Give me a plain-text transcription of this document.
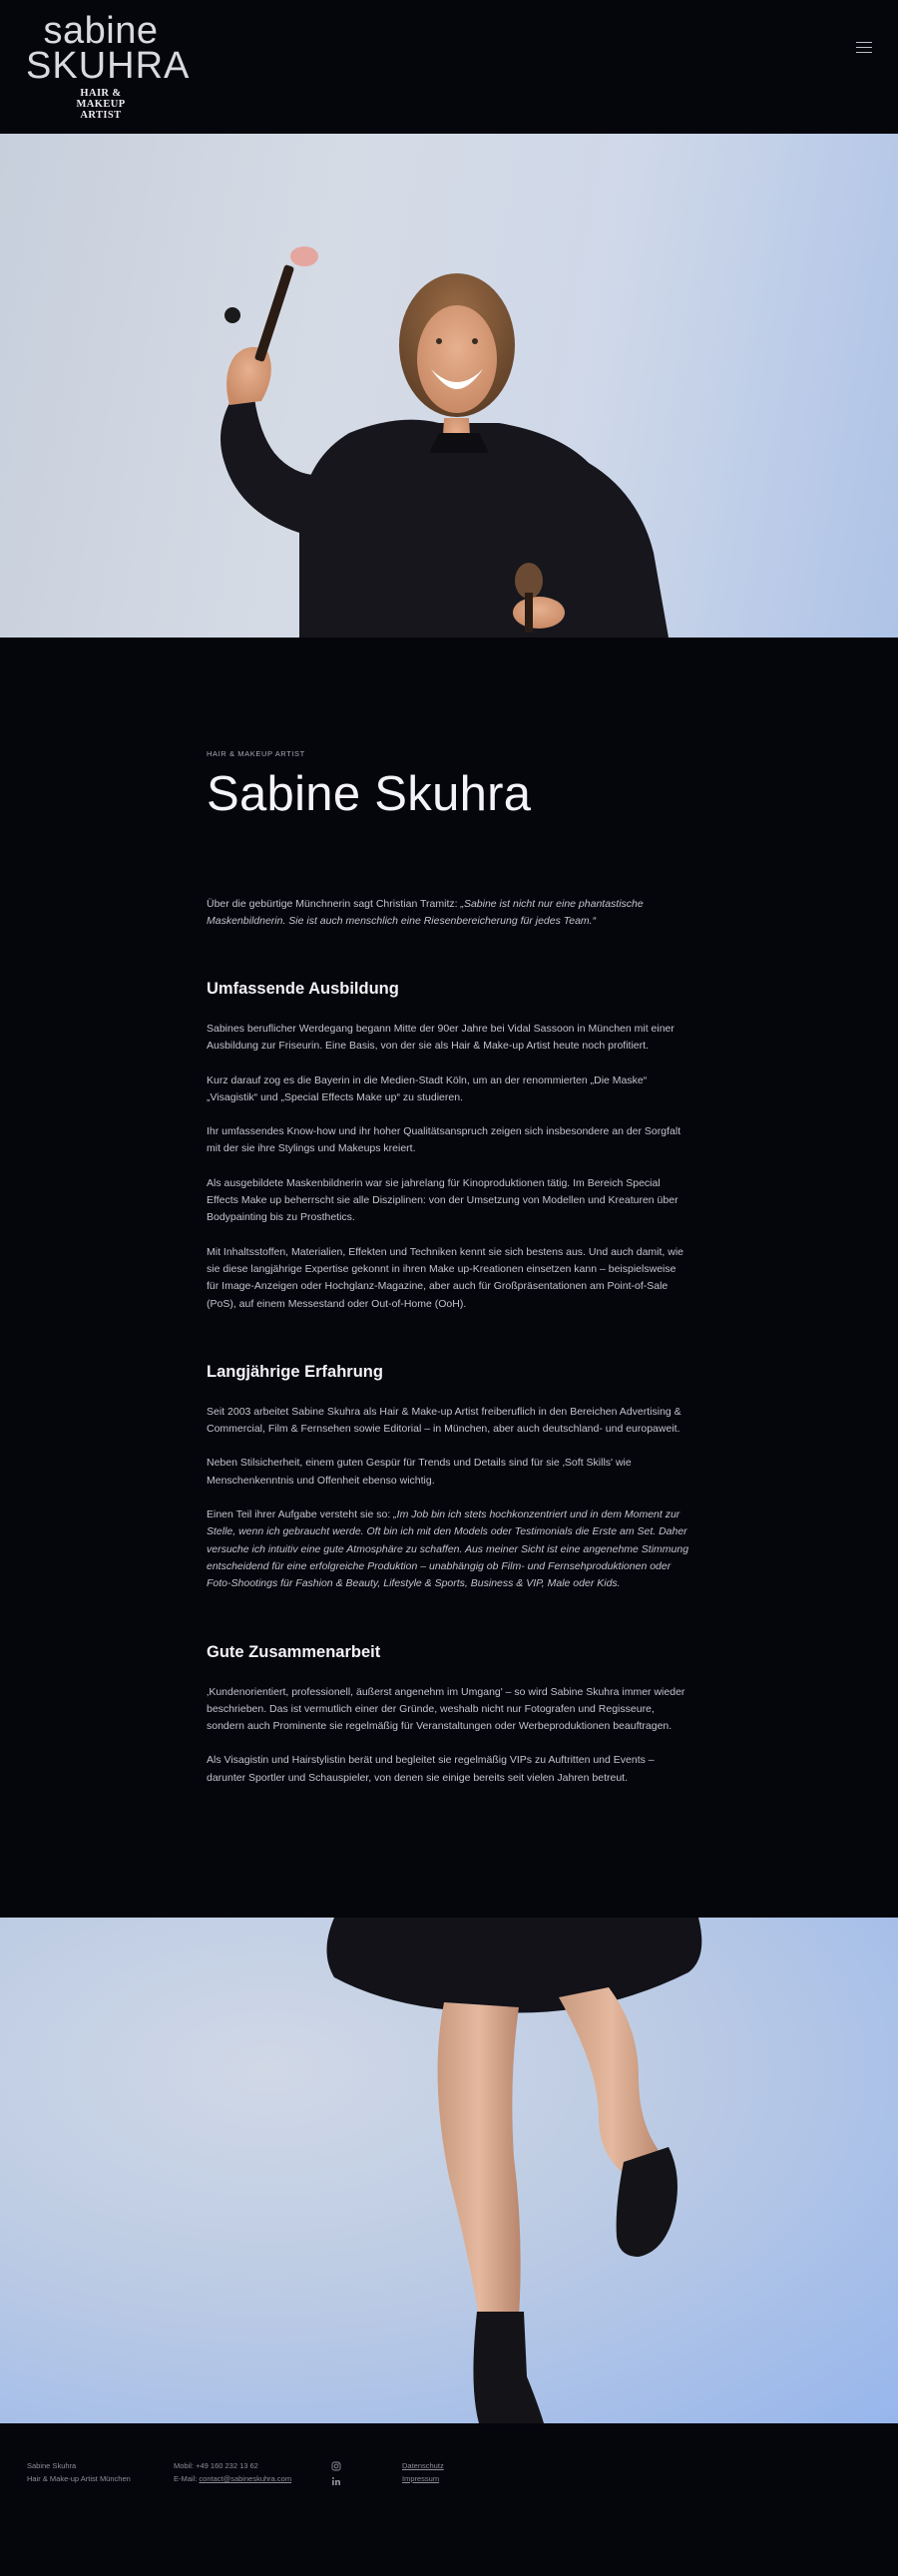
sabine
SKUHRA
HAIR &
MAKEUP
ARTIST
HAIR & MAKEUP ARTIST
Sabine Skuhra

Über die gebürtige Münchnerin sagt Christian Tramitz: „Sabine ist nicht nur eine phantastische Maskenbildnerin. Sie ist auch menschlich eine Riesenbereicherung für jedes Team.“

Umfassende Ausbildung

Sabines beruflicher Werdegang begann Mitte der 90er Jahre bei Vidal Sassoon in München mit einer Ausbildung zur Friseurin. Eine Basis, von der sie als Hair & Make-up Artist heute noch profitiert.

Kurz darauf zog es die Bayerin in die Medien-Stadt Köln, um an der renommierten „Die Maske“ „Visagistik“ und „Special Effects Make up“ zu studieren.

Ihr umfassendes Know-how und ihr hoher Qualitätsanspruch zeigen sich insbesondere an der Sorgfalt mit der sie ihre Stylings und Makeups kreiert.

Als ausgebildete Maskenbildnerin war sie jahrelang für Kinoproduktionen tätig. Im Bereich Special Effects Make up beherrscht sie alle Disziplinen: von der Umsetzung von Modellen und Kreaturen über Bodypainting bis zu Prosthetics.

Mit Inhaltsstoffen, Materialien, Effekten und Techniken kennt sie sich bestens aus. Und auch damit, wie sie diese langjährige Expertise gekonnt in ihren Make up-Kreationen einsetzen kann – beispielsweise für Image-Anzeigen oder Hochglanz-Magazine, aber auch für Großpräsentationen am Point-of-Sale (PoS), auf einem Messestand oder Out-of-Home (OoH).

Langjährige Erfahrung

Seit 2003 arbeitet Sabine Skuhra als Hair & Make-up Artist freiberuflich in den Bereichen Advertising & Commercial, Film & Fernsehen sowie Editorial – in München, aber auch deutschland- und europaweit.

Neben Stilsicherheit, einem guten Gespür für Trends und Details sind für sie ‚Soft Skills' wie Menschenkenntnis und Offenheit ebenso wichtig.

Einen Teil ihrer Aufgabe versteht sie so: „Im Job bin ich stets hochkonzentriert und in dem Moment zur Stelle, wenn ich gebraucht werde. Oft bin ich mit den Models oder Testimonials die Erste am Set. Daher versuche ich intuitiv eine gute Atmosphäre zu schaffen. Aus meiner Sicht ist eine angenehme Stimmung entscheidend für eine erfolgreiche Produktion – unabhängig ob Film- und Fernsehproduktionen oder Foto-Shootings für Fashion & Beauty, Lifestyle & Sports, Business & VIP, Male oder Kids.

Gute Zusammenarbeit

‚Kundenorientiert, professionell, äußerst angenehm im Umgang' – so wird Sabine Skuhra immer wieder beschrieben. Das ist vermutlich einer der Gründe, weshalb nicht nur Fotografen und Regisseure, sondern auch Prominente sie regelmäßig für Veranstaltungen oder Werbeproduktionen beauftragen.

Als Visagistin und Hairstylistin berät und begleitet sie regelmäßig VIPs zu Auftritten und Events – darunter Sportler und Schauspieler, von denen sie einige bereits seit vielen Jahren betreut.

Sabine Skuhra
Hair & Make-up Artist München
Mobil: +49 160 232 13 62
E-Mail: contact@sabineskuhra.com
Datenschutz
Impressum
